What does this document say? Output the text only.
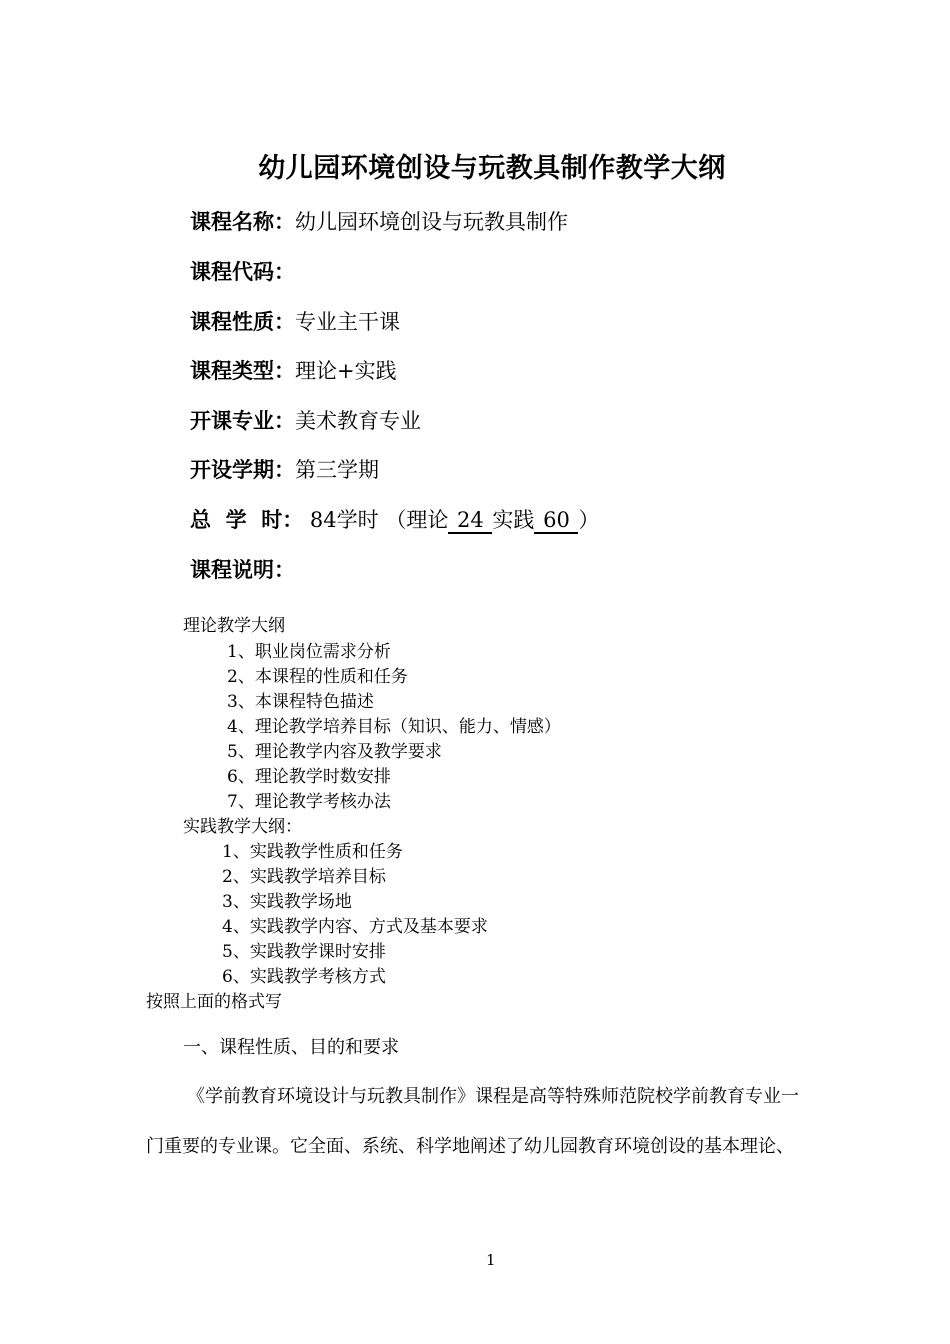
幼儿园环境创设与玩教具制作教学大纲
课程名称：幼儿园环境创设与玩教具制作
课程代码：
课程性质：专业主干课
课程类型：理论+实践
开课专业：美术教育专业
开设学期：第三学期
总  学  时： 84学时 （理论 24 实践 60 ）
课程说明：
理论教学大纲
1、职业岗位需求分析
2、本课程的性质和任务
3、本课程特色描述
4、理论教学培养目标（知识、能力、情感）
5、理论教学内容及教学要求
6、理论教学时数安排
7、理论教学考核办法
实践教学大纲：
1、实践教学性质和任务
2、实践教学培养目标
3、实践教学场地
4、实践教学内容、方式及基本要求
5、实践教学课时安排
6、实践教学考核方式
按照上面的格式写
一、课程性质、目的和要求
《学前教育环境设计与玩教具制作》课程是高等特殊师范院校学前教育专业一
门重要的专业课。它全面、系统、科学地阐述了幼儿园教育环境创设的基本理论、
1
